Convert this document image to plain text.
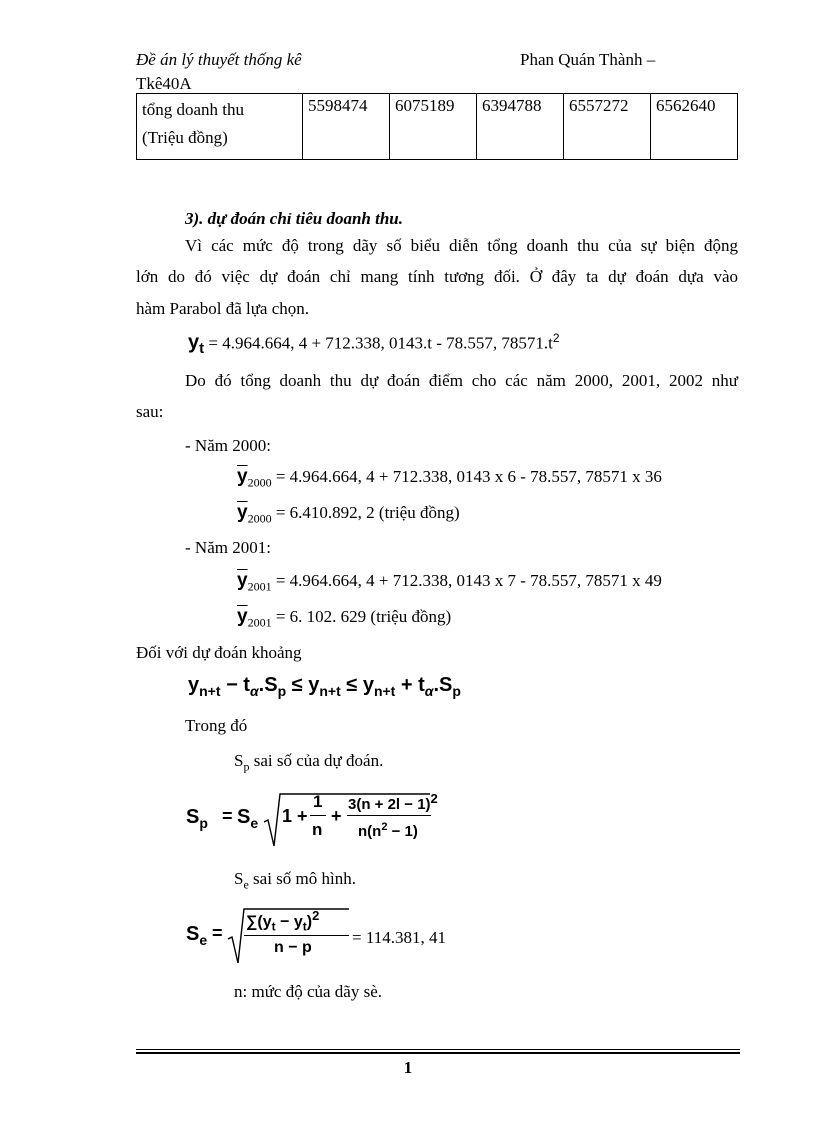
Đề án lý thuyết thống kê	Phan Quán Thành –
Tkê40A
tổng doanh thu
(Triệu đồng)	5598474	6075189	6394788	6557272	6562640
3). dự đoán chỉ tiêu doanh thu.
Vì các mức độ trong dãy số biểu diễn tổng doanh thu của sự biện động
lớn do đó việc dự đoán chỉ mang tính tương đối. Ở đây ta dự đoán dựa vào
hàm Parabol đã lựa chọn.
$y_t = 4.964.664$, 4 + 712.338, 0143.t - 78.557, $78571.t^2$
Do đó tổng doanh thu dự đoán điểm cho các năm 2000, 2001, 2002 như
sau:
- Năm 2000:
$\overline{y}_{2000} = 4.964.664$, 4 + 712.338, 0143 x 6 - 78.557, 78571 x 36
$\overline{y}_{2000} = 6.410.892$, 2 (triệu đồng)
- Năm 2001:
$\overline{y}_{2001} = 4.964.664$, 4 + 712.338, 0143 x 7 - 78.557, 78571 x 49
$\overline{y}_{2001} = 6$. 102. 629 (triệu đồng)
Đối với dự đoán khoảng
$y_{n+t} - t_\alpha.S_p \le y_{n+t} \le y_{n+t} + t_\alpha.S_p$
Trong đó
$S_p$ sai số của dự đoán.
$S_p = S_e$ 1 +
1
n
+
$3(n + 2l - 1)^2$
$n(n^2 - 1)$
$S_e$ sai số mô hình.
$S_e$ =
$\sum(y_t - y_t)^2$
n − p
= 114.381, 41
n: mức độ của dãy sè.
1
